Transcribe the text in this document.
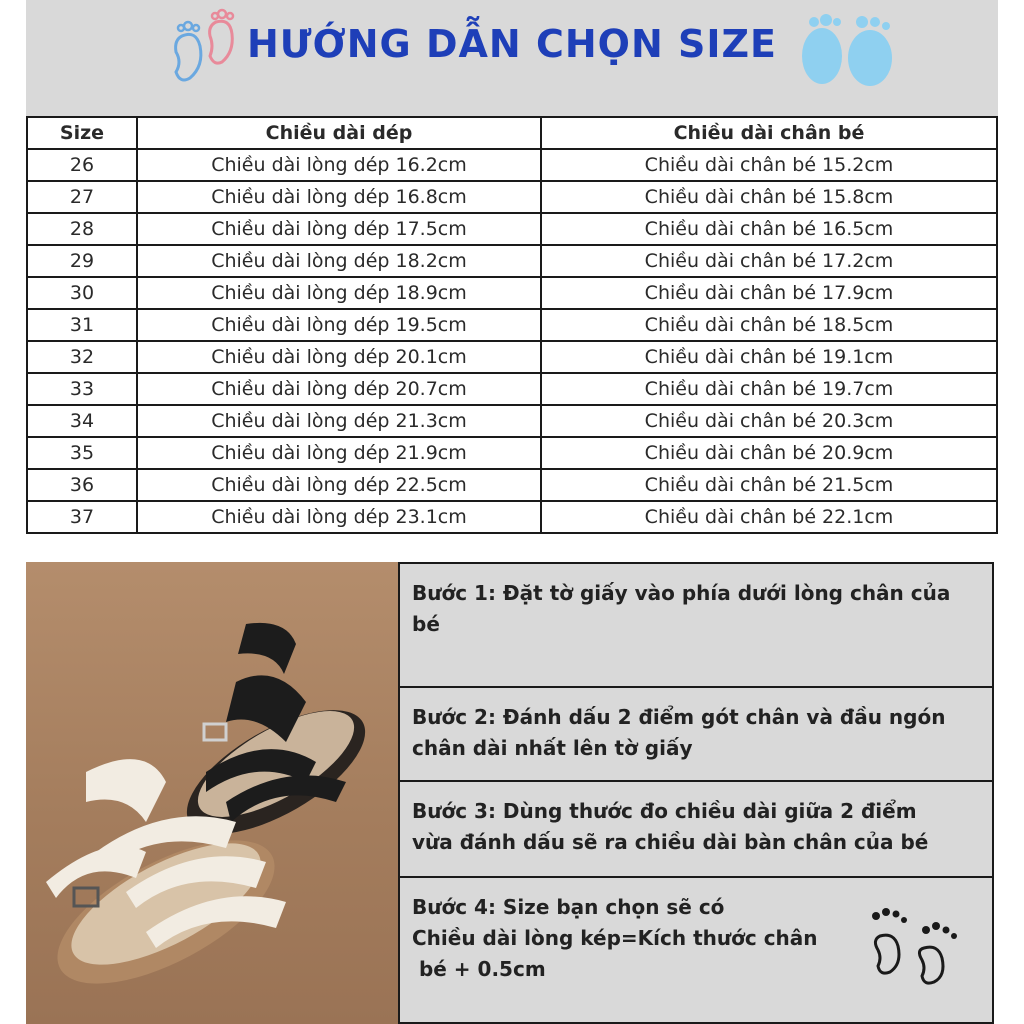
HƯỚNG DẪN CHỌN SIZE
Size	Chiều dài dép	Chiều dài chân bé
26	Chiều dài lòng dép 16.2cm	Chiều dài chân bé 15.2cm
27	Chiều dài lòng dép 16.8cm	Chiều dài chân bé 15.8cm
28	Chiều dài lòng dép 17.5cm	Chiều dài chân bé 16.5cm
29	Chiều dài lòng dép 18.2cm	Chiều dài chân bé 17.2cm
30	Chiều dài lòng dép 18.9cm	Chiều dài chân bé 17.9cm
31	Chiều dài lòng dép 19.5cm	Chiều dài chân bé 18.5cm
32	Chiều dài lòng dép 20.1cm	Chiều dài chân bé 19.1cm
33	Chiều dài lòng dép 20.7cm	Chiều dài chân bé 19.7cm
34	Chiều dài lòng dép 21.3cm	Chiều dài chân bé 20.3cm
35	Chiều dài lòng dép 21.9cm	Chiều dài chân bé 20.9cm
36	Chiều dài lòng dép 22.5cm	Chiều dài chân bé 21.5cm
37	Chiều dài lòng dép 23.1cm	Chiều dài chân bé 22.1cm
Bước 1: Đặt tờ giấy vào phía dưới lòng chân của
bé
Bước 2: Đánh dấu 2 điểm gót chân và đầu ngón
chân dài nhất lên tờ giấy
Bước 3: Dùng thước đo chiều dài giữa 2 điểm
vừa đánh dấu sẽ ra chiều dài bàn chân của bé
Bước 4: Size bạn chọn sẽ có
Chiều dài lòng kép=Kích thước chân
bé + 0.5cm
